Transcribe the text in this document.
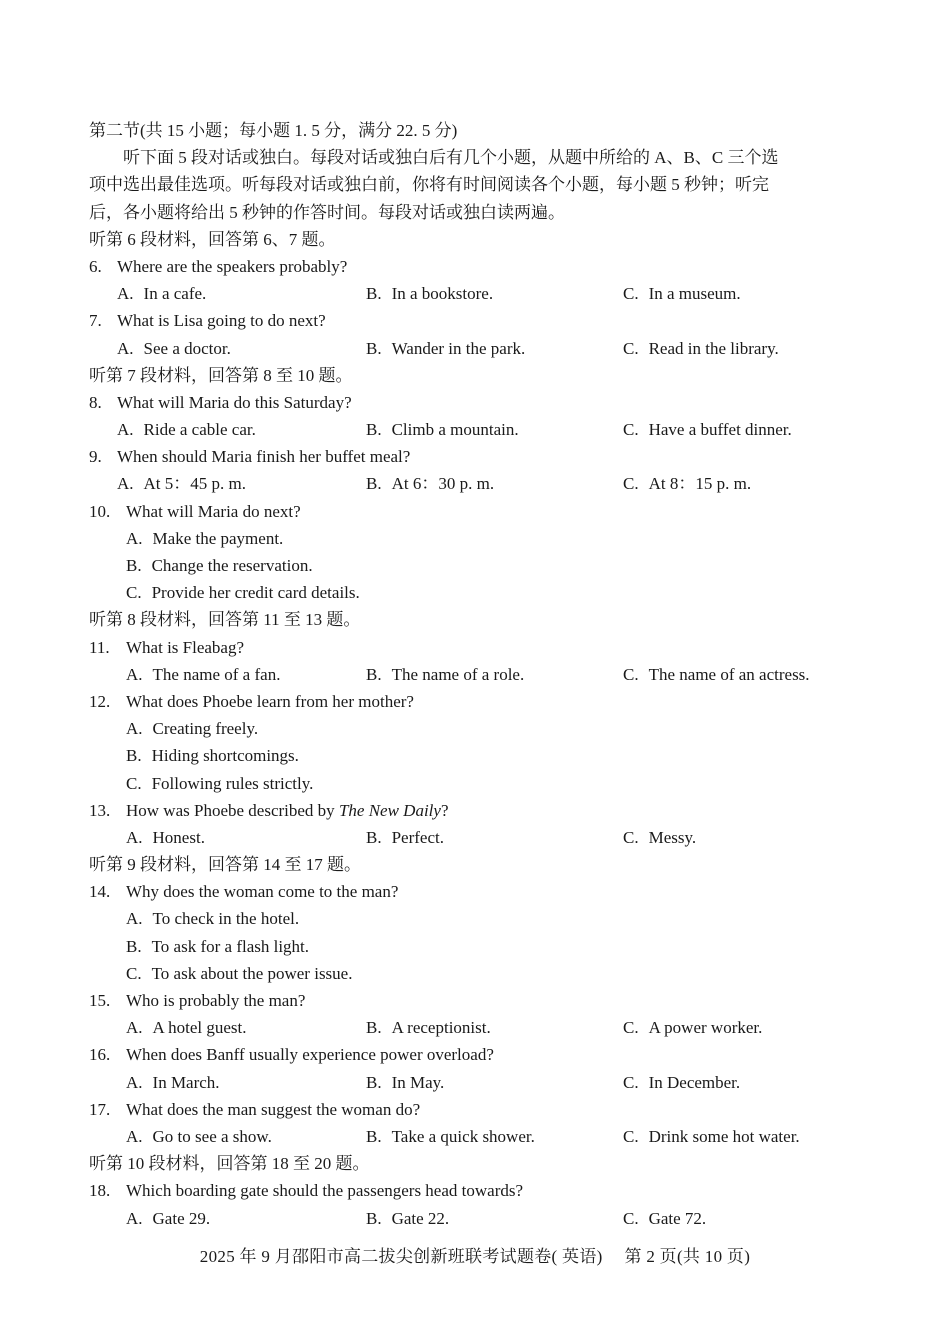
第二节(共 15 小题；每小题 1. 5 分，满分 22. 5 分)
听下面 5 段对话或独白。每段对话或独白后有几个小题，从题中所给的 A、B、C 三个选
项中选出最佳选项。听每段对话或独白前，你将有时间阅读各个小题，每小题 5 秒钟；听完
后，各小题将给出 5 秒钟的作答时间。每段对话或独白读两遍。
听第 6 段材料，回答第 6、7 题。
6. Where are the speakers probably?
A. In a cafe.	B. In a bookstore.	C. In a museum.
7. What is Lisa going to do next?
A. See a doctor.	B. Wander in the park.	C. Read in the library.
听第 7 段材料，回答第 8 至 10 题。
8. What will Maria do this Saturday?
A. Ride a cable car.	B. Climb a mountain.	C. Have a buffet dinner.
9. When should Maria finish her buffet meal?
A. At 5：45 p. m.	B. At 6：30 p. m.	C. At 8：15 p. m.
10. What will Maria do next?
A. Make the payment.
B. Change the reservation.
C. Provide her credit card details.
听第 8 段材料，回答第 11 至 13 题。
11. What is Fleabag?
A. The name of a fan.	B. The name of a role.	C. The name of an actress.
12. What does Phoebe learn from her mother?
A. Creating freely.
B. Hiding shortcomings.
C. Following rules strictly.
13. How was Phoebe described by The New Daily?
A. Honest.	B. Perfect.	C. Messy.
听第 9 段材料，回答第 14 至 17 题。
14. Why does the woman come to the man?
A. To check in the hotel.
B. To ask for a flash light.
C. To ask about the power issue.
15. Who is probably the man?
A. A hotel guest.	B. A receptionist.	C. A power worker.
16. When does Banff usually experience power overload?
A. In March.	B. In May.	C. In December.
17. What does the man suggest the woman do?
A. Go to see a show.	B. Take a quick shower.	C. Drink some hot water.
听第 10 段材料，回答第 18 至 20 题。
18. Which boarding gate should the passengers head towards?
A. Gate 29.	B. Gate 22.	C. Gate 72.
2025 年 9 月邵阳市高二拔尖创新班联考试题卷( 英语)　 第 2 页(共 10 页)
